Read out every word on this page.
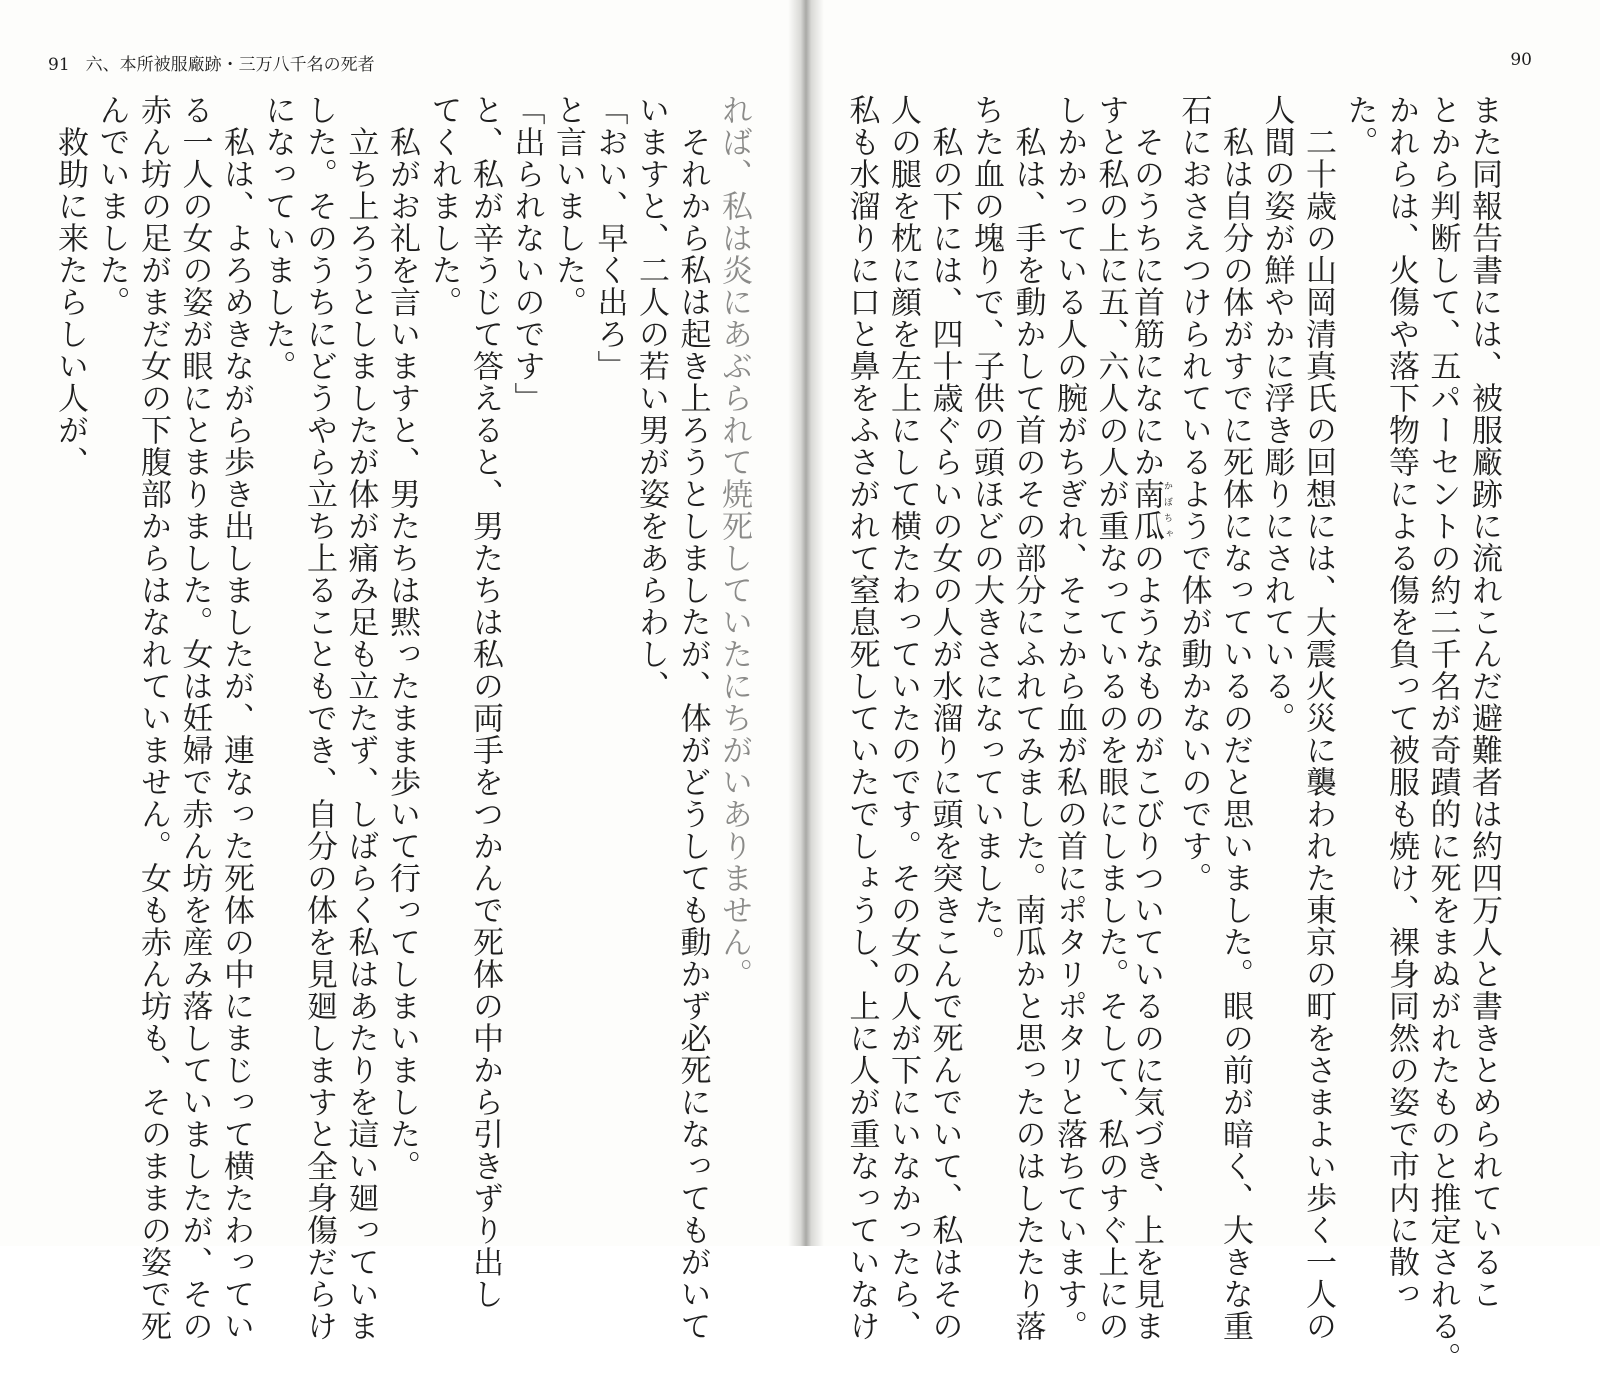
91 六、本所被服廠跡・三万八千名の死者
れば、私は炎にあぶられて焼死していたにちがいありません。
　それから私は起き上ろうとしましたが、体がどうしても動かず必死になってもがいて
いますと、二人の若い男が姿をあらわし、
「おい、早く出ろ」
と言いました。
「出られないのです」
と、私が辛うじて答えると、男たちは私の両手をつかんで死体の中から引きずり出し
てくれました。
　私がお礼を言いますと、男たちは黙ったまま歩いて行ってしまいました。
　立ち上ろうとしましたが体が痛み足も立たず、しばらく私はあたりを這い廻っていま
した。そのうちにどうやら立ち上ることもでき、自分の体を見廻しますと全身傷だらけ
になっていました。
　私は、よろめきながら歩き出しましたが、連なった死体の中にまじって横たわってい
る一人の女の姿が眼にとまりました。女は妊婦で赤ん坊を産み落していましたが、その
赤ん坊の足がまだ女の下腹部からはなれていません。女も赤ん坊も、そのままの姿で死
んでいました。
　救助に来たらしい人が、
90
また同報告書には、被服廠跡に流れこんだ避難者は約四万人と書きとめられているこ
とから判断して、五パーセントの約二千名が奇蹟的に死をまぬがれたものと推定される。
かれらは、火傷や落下物等による傷を負って被服も焼け、裸身同然の姿で市内に散っ
た。
　二十歳の山岡清真氏の回想には、大震火災に襲われた東京の町をさまよい歩く一人の
人間の姿が鮮やかに浮き彫りにされている。
　私は自分の体がすでに死体になっているのだと思いました。眼の前が暗く、大きな重
石におさえつけられているようで体が動かないのです。
　そのうちに首筋になにか南瓜かぼちゃのようなものがこびりついているのに気づき、上を見ま
すと私の上に五、六人の人が重なっているのを眼にしました。そして、私のすぐ上にの
しかかっている人の腕がちぎれ、そこから血が私の首にポタリポタリと落ちています。
　私は、手を動かして首のその部分にふれてみました。南瓜かと思ったのはしたたり落
ちた血の塊りで、子供の頭ほどの大きさになっていました。
　私の下には、四十歳ぐらいの女の人が水溜りに頭を突きこんで死んでいて、私はその
人の腿を枕に顔を左上にして横たわっていたのです。その女の人が下にいなかったら、
私も水溜りに口と鼻をふさがれて窒息死していたでしょうし、上に人が重なっていなけ
